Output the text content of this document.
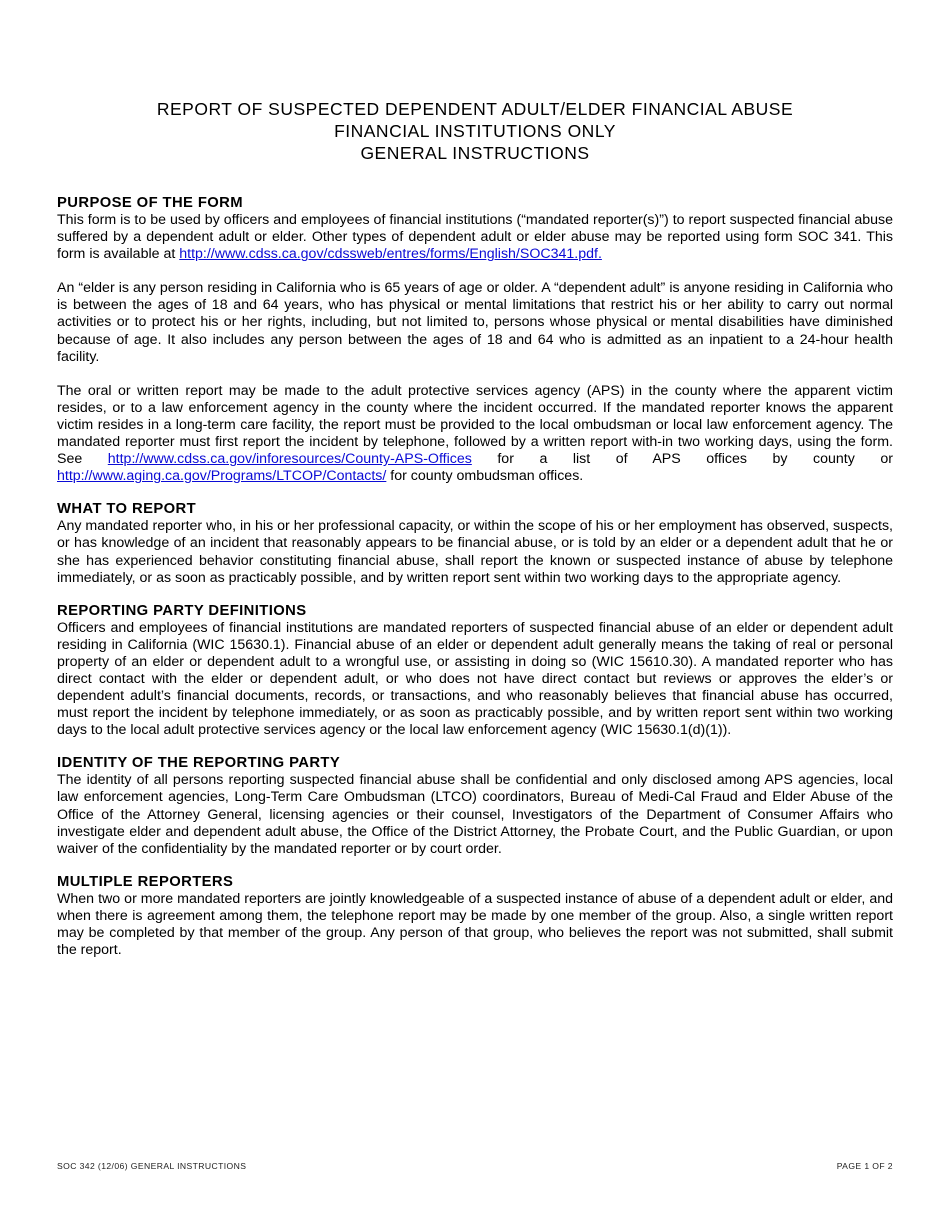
REPORT OF SUSPECTED DEPENDENT ADULT/ELDER FINANCIAL ABUSE
FINANCIAL INSTITUTIONS ONLY
GENERAL INSTRUCTIONS
PURPOSE OF THE FORM

This form is to be used by officers and employees of financial institutions (“mandated reporter(s)”) to report suspected financial abuse suffered by a dependent adult or elder. Other types of dependent adult or elder abuse may be reported using form SOC 341. This form is available at http://www.cdss.ca.gov/cdssweb/entres/forms/English/SOC341.pdf.

An “elder is any person residing in California who is 65 years of age or older. A “dependent adult” is anyone residing in California who is between the ages of 18 and 64 years, who has physical or mental limitations that restrict his or her ability to carry out normal activities or to protect his or her rights, including, but not limited to, persons whose physical or mental disabilities have diminished because of age. It also includes any person between the ages of 18 and 64 who is admitted as an inpatient to a 24-hour health facility.

The oral or written report may be made to the adult protective services agency (APS) in the county where the apparent victim resides, or to a law enforcement agency in the county where the incident occurred. If the mandated reporter knows the apparent victim resides in a long-term care facility, the report must be provided to the local ombudsman or local law enforcement agency. The mandated reporter must first report the incident by telephone, followed by a written report with-in two working days, using the form. See http://www.cdss.ca.gov/inforesources/County-APS-Offices for a list of APS offices by county or http://www.aging.ca.gov/Programs/LTCOP/Contacts/ for county ombudsman offices.

WHAT TO REPORT

Any mandated reporter who, in his or her professional capacity, or within the scope of his or her employment has observed, suspects, or has knowledge of an incident that reasonably appears to be financial abuse, or is told by an elder or a dependent adult that he or she has experienced behavior constituting financial abuse, shall report the known or suspected instance of abuse by telephone immediately, or as soon as practicably possible, and by written report sent within two working days to the appropriate agency.

REPORTING PARTY DEFINITIONS

Officers and employees of financial institutions are mandated reporters of suspected financial abuse of an elder or dependent adult residing in California (WIC 15630.1). Financial abuse of an elder or dependent adult generally means the taking of real or personal property of an elder or dependent adult to a wrongful use, or assisting in doing so (WIC 15610.30). A mandated reporter who has direct contact with the elder or dependent adult, or who does not have direct contact but reviews or approves the elder’s or dependent adult’s financial documents, records, or transactions, and who reasonably believes that financial abuse has occurred, must report the incident by telephone immediately, or as soon as practicably possible, and by written report sent within two working days to the local adult protective services agency or the local law enforcement agency (WIC 15630.1(d)(1)).

IDENTITY OF THE REPORTING PARTY

The identity of all persons reporting suspected financial abuse shall be confidential and only disclosed among APS agencies, local law enforcement agencies, Long-Term Care Ombudsman (LTCO) coordinators, Bureau of Medi-Cal Fraud and Elder Abuse of the Office of the Attorney General, licensing agencies or their counsel, Investigators of the Department of Consumer Affairs who investigate elder and dependent adult abuse, the Office of the District Attorney, the Probate Court, and the Public Guardian, or upon waiver of the confidentiality by the mandated reporter or by court order.

MULTIPLE REPORTERS

When two or more mandated reporters are jointly knowledgeable of a suspected instance of abuse of a dependent adult or elder, and when there is agreement among them, the telephone report may be made by one member of the group. Also, a single written report may be completed by that member of the group. Any person of that group, who believes the report was not submitted, shall submit the report.

SOC 342 (12/06) GENERAL INSTRUCTIONS	PAGE 1 OF 2
